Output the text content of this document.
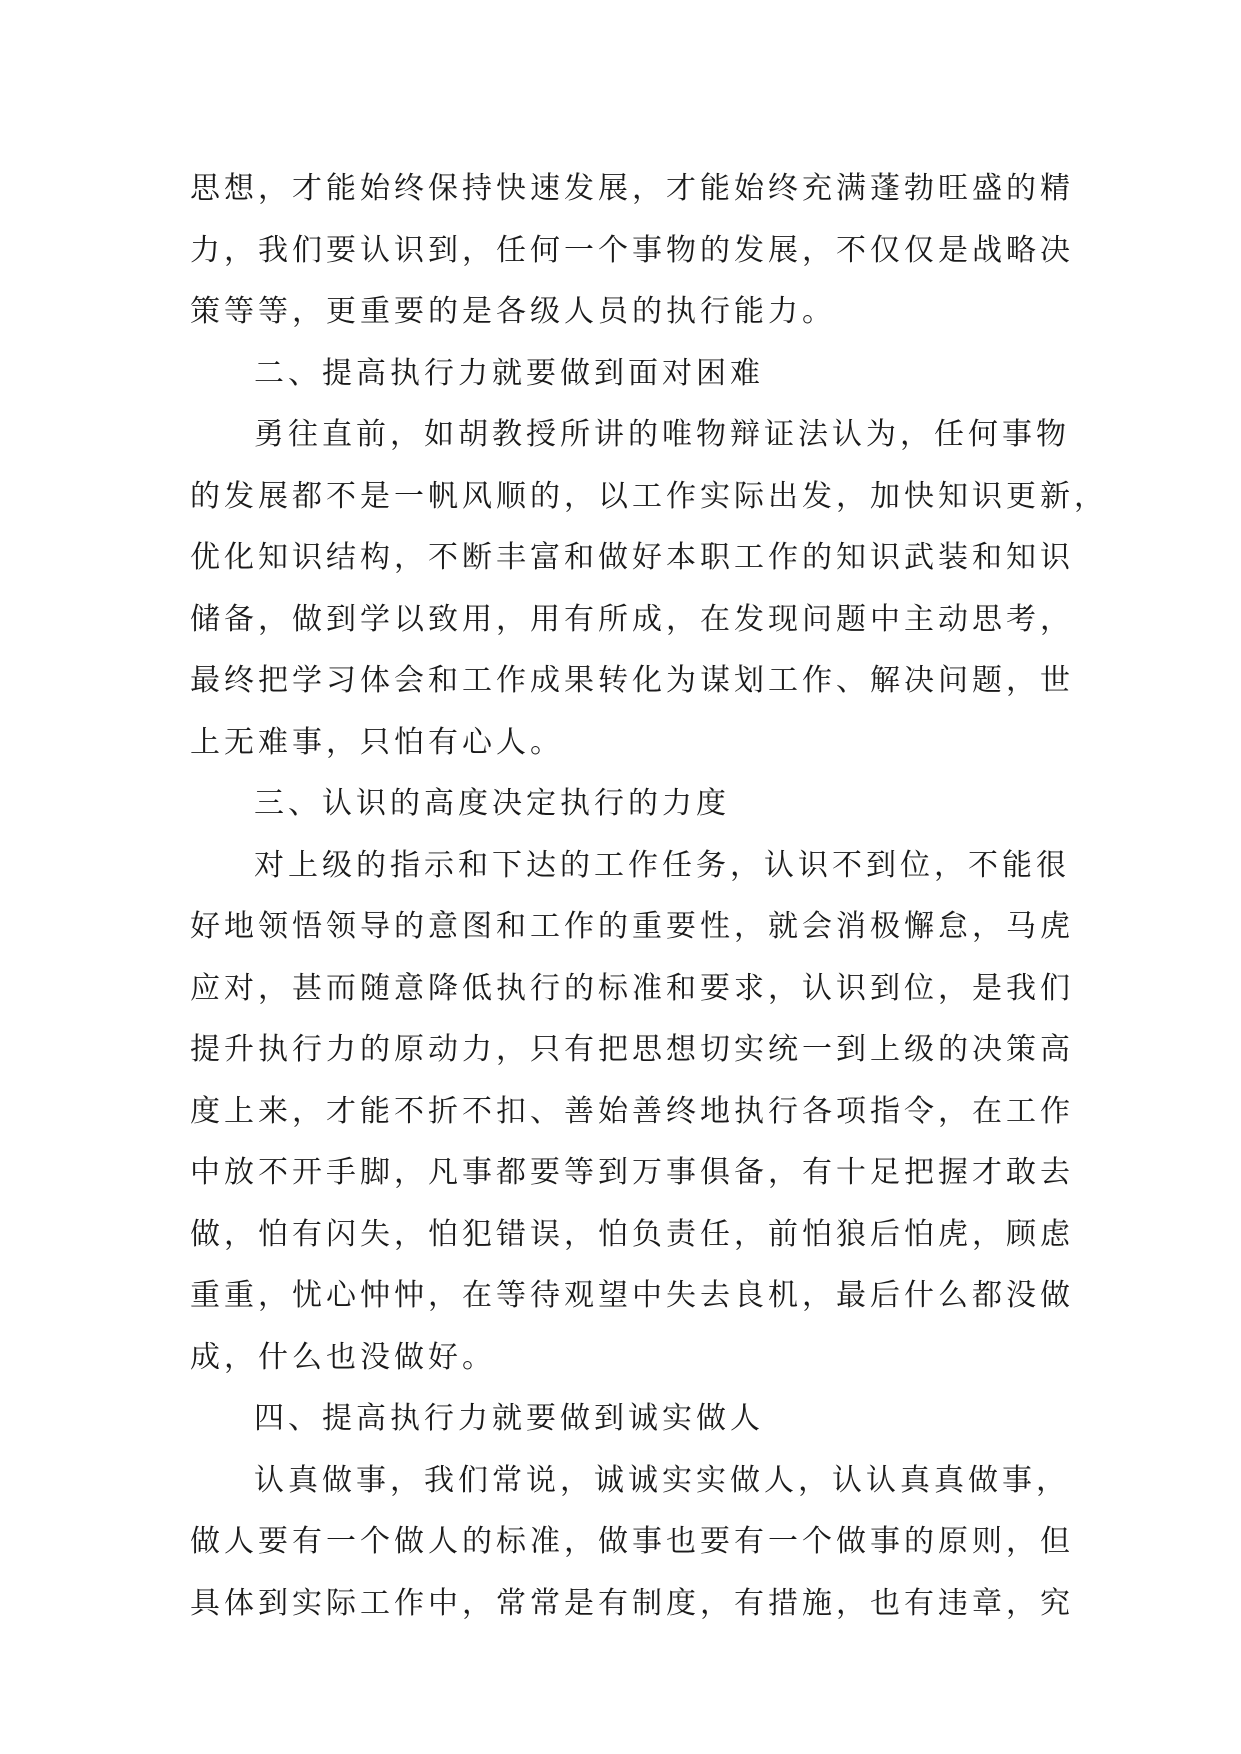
思想，才能始终保持快速发展，才能始终充满蓬勃旺盛的精
力，我们要认识到，任何一个事物的发展，不仅仅是战略决
策等等，更重要的是各级人员的执行能力。
二、提高执行力就要做到面对困难
勇往直前，如胡教授所讲的唯物辩证法认为，任何事物
的发展都不是一帆风顺的，以工作实际出发，加快知识更新，
优化知识结构，不断丰富和做好本职工作的知识武装和知识
储备，做到学以致用，用有所成，在发现问题中主动思考，
最终把学习体会和工作成果转化为谋划工作、解决问题，世
上无难事，只怕有心人。
三、认识的高度决定执行的力度
对上级的指示和下达的工作任务，认识不到位，不能很
好地领悟领导的意图和工作的重要性，就会消极懈怠，马虎
应对，甚而随意降低执行的标准和要求，认识到位，是我们
提升执行力的原动力，只有把思想切实统一到上级的决策高
度上来，才能不折不扣、善始善终地执行各项指令，在工作
中放不开手脚，凡事都要等到万事俱备，有十足把握才敢去
做，怕有闪失，怕犯错误，怕负责任，前怕狼后怕虎，顾虑
重重，忧心忡忡，在等待观望中失去良机，最后什么都没做
成，什么也没做好。
四、提高执行力就要做到诚实做人
认真做事，我们常说，诚诚实实做人，认认真真做事，
做人要有一个做人的标准，做事也要有一个做事的原则，但
具体到实际工作中，常常是有制度，有措施，也有违章，究
